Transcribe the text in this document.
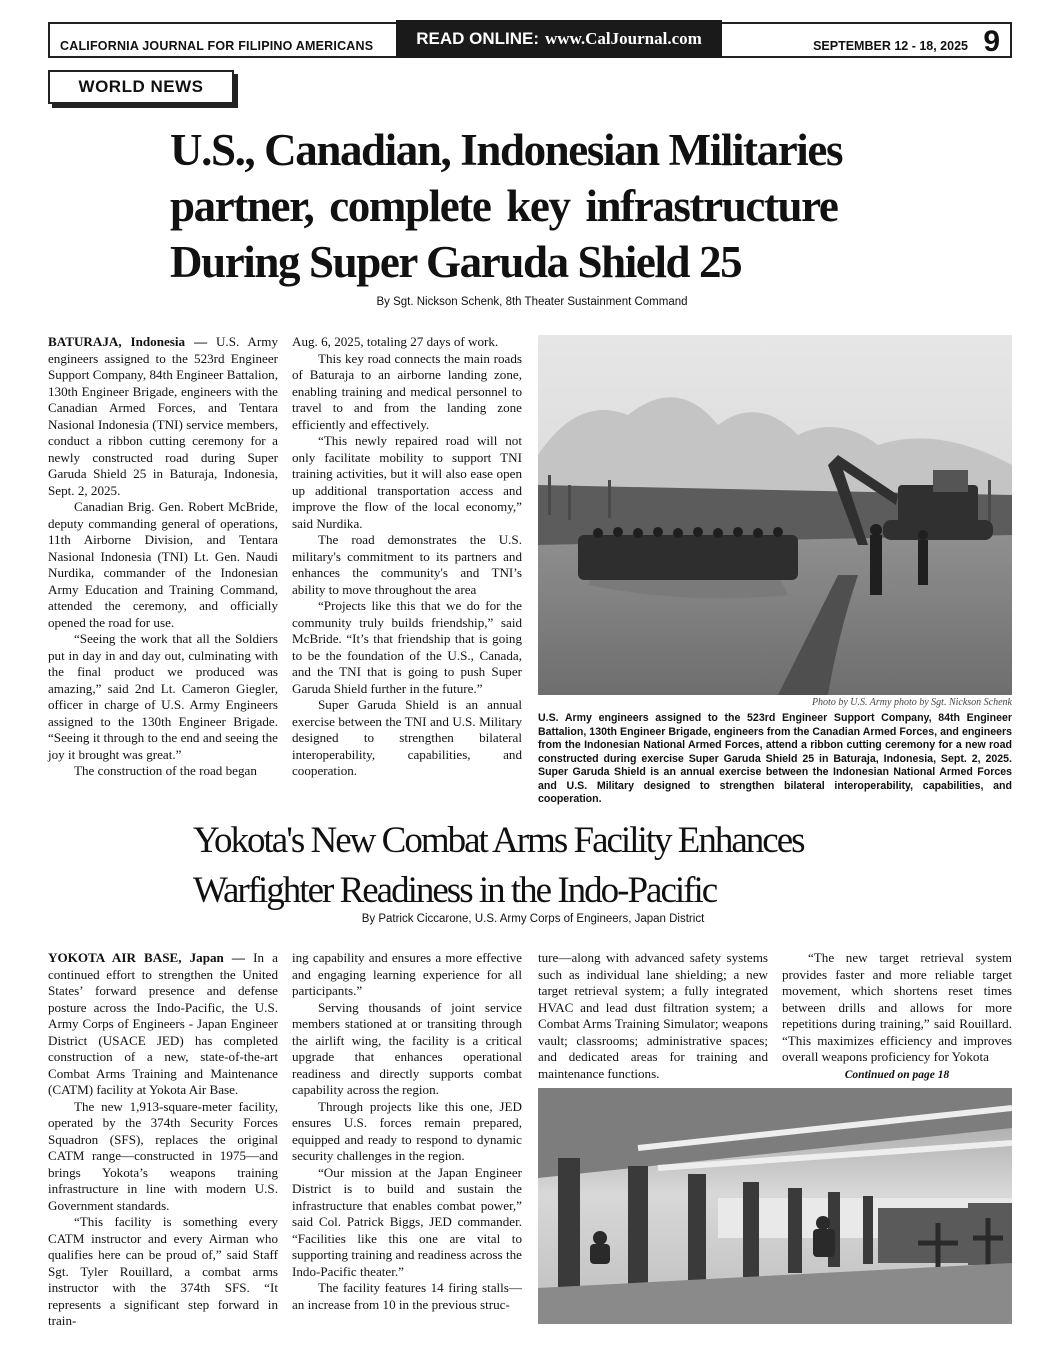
CALIFORNIA JOURNAL FOR FILIPINO AMERICANS	READ ONLINE: www.CalJournal.com	SEPTEMBER 12 - 18, 2025 9
WORLD NEWS
U.S., Canadian, Indonesian Militaries
partner, complete key infrastructure
During Super Garuda Shield 25
By Sgt. Nickson Schenk, 8th Theater Sustainment Command

BATURAJA, Indonesia — U.S. Army engineers assigned to the 523rd Engineer Support Company, 84th Engineer Battalion, 130th Engineer Brigade, engineers with the Canadian Armed Forces, and Tentara Nasional Indonesia (TNI) service members, conduct a ribbon cutting ceremony for a newly constructed road during Super Garuda Shield 25 in Baturaja, Indonesia, Sept. 2, 2025.

Canadian Brig. Gen. Robert McBride, deputy commanding general of operations, 11th Airborne Division, and Tentara Nasional Indonesia (TNI) Lt. Gen. Naudi Nurdika, commander of the Indonesian Army Education and Training Command, attended the ceremony, and officially opened the road for use.

“Seeing the work that all the Soldiers put in day in and day out, culminating with the final product we produced was amazing,” said 2nd Lt. Cameron Giegler, officer in charge of U.S. Army Engineers assigned to the 130th Engineer Brigade. “Seeing it through to the end and seeing the joy it brought was great.”

The construction of the road began

Aug. 6, 2025, totaling 27 days of work.

This key road connects the main roads of Baturaja to an airborne landing zone, enabling training and medical personnel to travel to and from the landing zone efficiently and effectively.

“This newly repaired road will not only facilitate mobility to support TNI training activities, but it will also ease open up additional transportation access and improve the flow of the local economy,” said Nurdika.

The road demonstrates the U.S. military's commitment to its partners and enhances the community's and TNI’s ability to move throughout the area

“Projects like this that we do for the community truly builds friendship,” said McBride. “It’s that friendship that is going to be the foundation of the U.S., Canada, and the TNI that is going to push Super Garuda Shield further in the future.”

Super Garuda Shield is an annual exercise between the TNI and U.S. Military designed to strengthen bilateral interoperability, capabilities, and cooperation.

Photo by U.S. Army photo by Sgt. Nickson Schenk
U.S. Army engineers assigned to the 523rd Engineer Support Company, 84th Engineer Battalion, 130th Engineer Brigade, engineers from the Canadian Armed Forces, and engineers from the Indonesian National Armed Forces, attend a ribbon cutting ceremony for a new road constructed during exercise Super Garuda Shield 25 in Baturaja, Indonesia, Sept. 2, 2025. Super Garuda Shield is an annual exercise between the Indonesian National Armed Forces and U.S. Military designed to strengthen bilateral interoperability, capabilities, and cooperation.
Yokota's New Combat Arms Facility Enhances
Warfighter Readiness in the Indo-Pacific
By Patrick Ciccarone, U.S. Army Corps of Engineers, Japan District

YOKOTA AIR BASE, Japan — In a continued effort to strengthen the United States’ forward presence and defense posture across the Indo-Pacific, the U.S. Army Corps of Engineers - Japan Engineer District (USACE JED) has completed construction of a new, state-of-the-art Combat Arms Training and Maintenance (CATM) facility at Yokota Air Base.

The new 1,913-square-meter facility, operated by the 374th Security Forces Squadron (SFS), replaces the original CATM range—constructed in 1975—and brings Yokota’s weapons training infrastructure in line with modern U.S. Government standards.

“This facility is something every CATM instructor and every Airman who qualifies here can be proud of,” said Staff Sgt. Tyler Rouillard, a combat arms instructor with the 374th SFS. “It represents a significant step forward in train-

ing capability and ensures a more effective and engaging learning experience for all participants.”

Serving thousands of joint service members stationed at or transiting through the airlift wing, the facility is a critical upgrade that enhances operational readiness and directly supports combat capability across the region.

Through projects like this one, JED ensures U.S. forces remain prepared, equipped and ready to respond to dynamic security challenges in the region.

“Our mission at the Japan Engineer District is to build and sustain the infrastructure that enables combat power,” said Col. Patrick Biggs, JED commander. “Facilities like this one are vital to supporting training and readiness across the Indo-Pacific theater.”

The facility features 14 firing stalls—an increase from 10 in the previous struc-

ture—along with advanced safety systems such as individual lane shielding; a new target retrieval system; a fully integrated HVAC and lead dust filtration system; a Combat Arms Training Simulator; weapons vault; classrooms; administrative spaces; and dedicated areas for training and maintenance functions.

“The new target retrieval system provides faster and more reliable target movement, which shortens reset times between drills and allows for more repetitions during training,” said Rouillard. “This maximizes efficiency and improves overall weapons proficiency for Yokota

Continued on page 18
